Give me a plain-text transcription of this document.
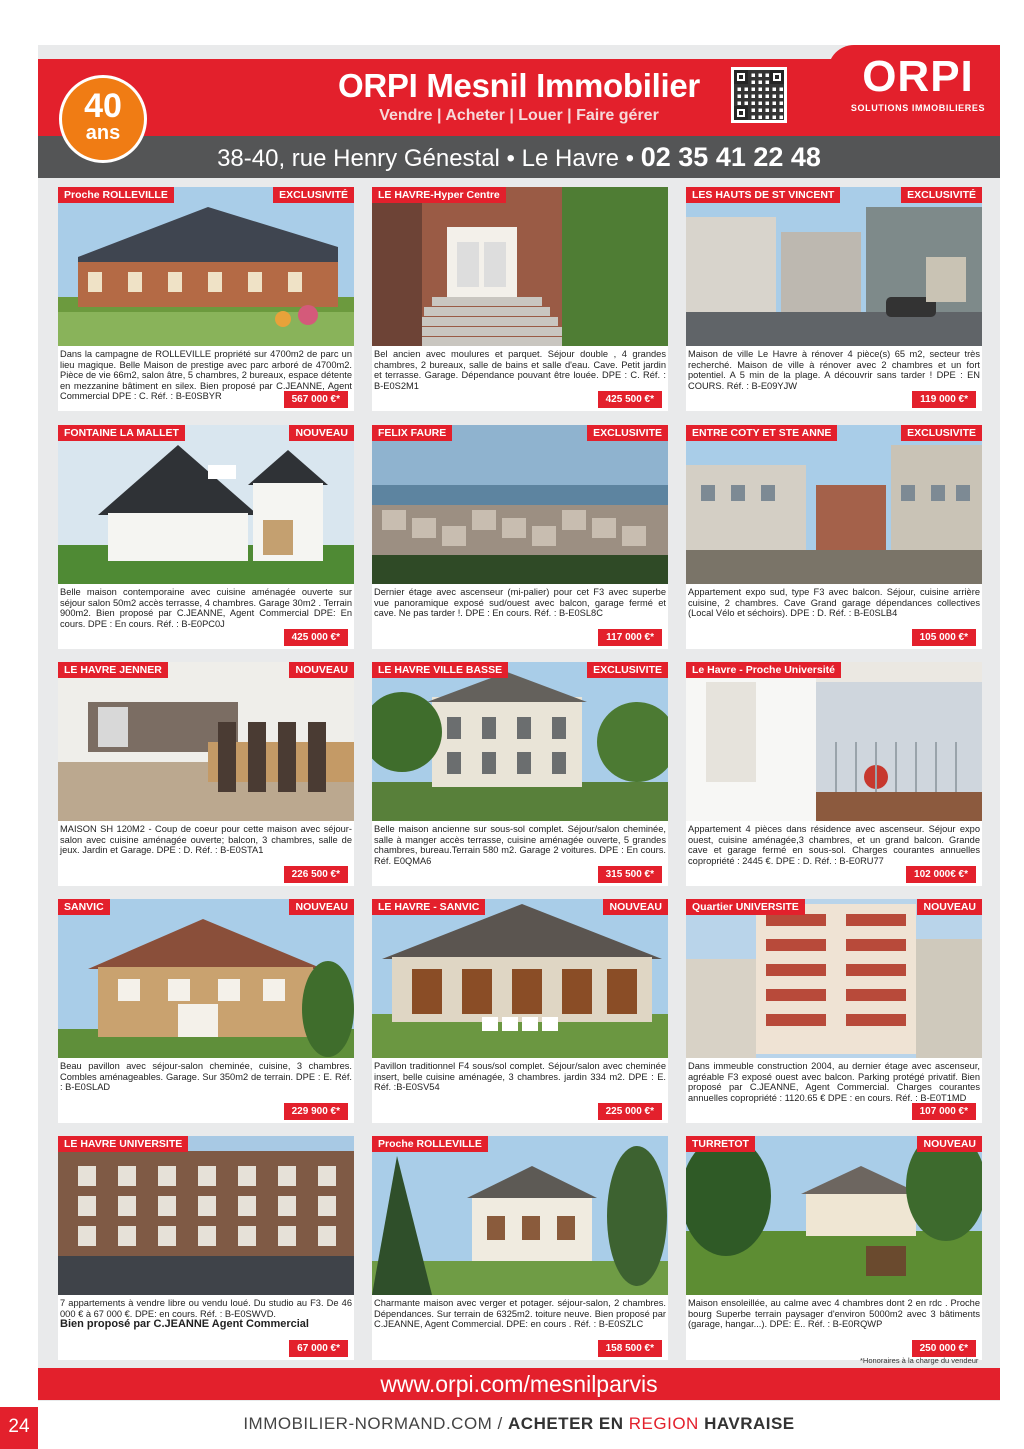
40
ans
ORPI Mesnil Immobilier
Vendre | Acheter | Louer | Faire gérer
ORPI
SOLUTIONS IMMOBILIERES
38-40, rue Henry Génestal • Le Havre • 02 35 41 22 48
Proche ROLLEVILLE	EXCLUSIVITÉ
Dans la campagne de ROLLEVILLE propriété sur 4700m2 de parc un lieu magique. Belle Maison de prestige avec parc arboré de 4700m2. Pièce de vie 66m2, salon âtre, 5 chambres, 2 bureaux, espace détente en mezzanine bâtiment en silex. Bien proposé par C.JEANNE, Agent Commercial DPE : C. Réf. : B-E0SBYR	567 000 €*
LE HAVRE-Hyper Centre
Bel ancien avec moulures et parquet. Séjour double , 4 grandes chambres, 2 bureaux, salle de bains et salle d'eau. Cave. Petit jardin et terrasse. Garage. Dépendance pouvant être louée. DPE : C. Réf. : B-E0S2M1
425 500 €*
LES HAUTS DE ST VINCENT	EXCLUSIVITÉ
Maison de ville Le Havre à rénover 4 pièce(s) 65 m2, secteur très recherché. Maison de ville à rénover avec 2 chambres et un fort potentiel. A 5 min de la plage. A découvrir sans tarder ! DPE : EN COURS. Réf. : B-E09YJW
119 000 €*
FONTAINE LA MALLET	NOUVEAU
Belle maison contemporaine avec cuisine aménagée ouverte sur séjour salon 50m2 accès terrasse, 4 chambres. Garage 30m2 . Terrain 900m2. Bien proposé par C.JEANNE, Agent Commercial DPE: En cours. DPE : En cours. Réf. : B-E0PC0J
425 000 €*
FELIX FAURE	EXCLUSIVITE
Dernier étage avec ascenseur (mi-palier) pour cet F3 avec superbe vue panoramique exposé sud/ouest avec balcon, garage fermé et cave. Ne pas tarder !. DPE : En cours. Réf. : B-E0SL8C
117 000 €*
ENTRE COTY ET STE ANNE	EXCLUSIVITE
Appartement expo sud, type F3 avec balcon. Séjour, cuisine arrière cuisine, 2 chambres. Cave Grand garage dépendances collectives (Local Vélo et séchoirs). DPE : D. Réf. : B-E0SLB4
105 000 €*
LE HAVRE JENNER	NOUVEAU
MAISON SH 120M2 - Coup de coeur pour cette maison avec séjour-salon avec cuisine aménagée ouverte; balcon, 3 chambres, salle de jeux. Jardin et Garage. DPE : D. Réf. : B-E0STA1
226 500 €*
LE HAVRE VILLE BASSE	EXCLUSIVITE
Belle maison ancienne sur sous-sol complet. Séjour/salon cheminée, salle à manger accès terrasse, cuisine aménagée ouverte, 5 grandes chambres, bureau.Terrain 580 m2. Garage 2 voitures. DPE : En cours. Réf. E0QMA6
315 500 €*
Le Havre - Proche Université
Appartement 4 pièces dans résidence avec ascenseur. Séjour expo ouest, cuisine aménagée,3 chambres, et un grand balcon. Grande cave et garage fermé en sous-sol. Charges courantes annuelles copropriété : 2445 €. DPE : D. Réf. : B-E0RU77
102 000€ €*
SANVIC	NOUVEAU
Beau pavillon avec séjour-salon cheminée, cuisine, 3 chambres. Combles aménageables. Garage. Sur 350m2 de terrain. DPE : E. Réf. : B-E0SLAD
229 900 €*
LE HAVRE - SANVIC	NOUVEAU
Pavillon traditionnel F4 sous/sol complet. Séjour/salon avec cheminée insert, belle cuisine aménagée, 3 chambres. jardin 334 m2. DPE : E. Réf. :B-E0SV54
225 000 €*
Quartier UNIVERSITE	NOUVEAU
Dans immeuble construction 2004, au dernier étage avec ascenseur, agréable F3 exposé ouest avec balcon. Parking protégé privatif. Bien proposé par C.JEANNE, Agent Commercial. Charges courantes annuelles copropriété : 1120.65 € DPE : en cours. Réf. : B-E0T1MD
107 000 €*
LE HAVRE UNIVERSITE
7 appartements à vendre libre ou vendu loué. Du studio au F3. De 46 000 € à 67 000 €. DPE: en cours. Réf. : B-E0SWVD.
Bien proposé par C.JEANNE Agent Commercial
67 000 €*
Proche ROLLEVILLE
Charmante maison avec verger et potager. séjour-salon, 2 chambres. Dépendances. Sur terrain de 6325m2. toiture neuve. Bien proposé par C.JEANNE, Agent Commercial. DPE: en cours . Réf. : B-E0SZLC
158 500 €*
TURRETOT	NOUVEAU
Maison ensoleillée, au calme avec 4 chambres dont 2 en rdc . Proche bourg Superbe terrain paysager d'environ 5000m2 avec 3 bâtiments (garage, hangar...). DPE: E.. Réf. : B-E0RQWP
250 000 €*
*Honoraires à la charge du vendeur
www.orpi.com/mesnilparvis
24	IMMOBILIER-NORMAND.COM / ACHETER EN REGION HAVRAISE
